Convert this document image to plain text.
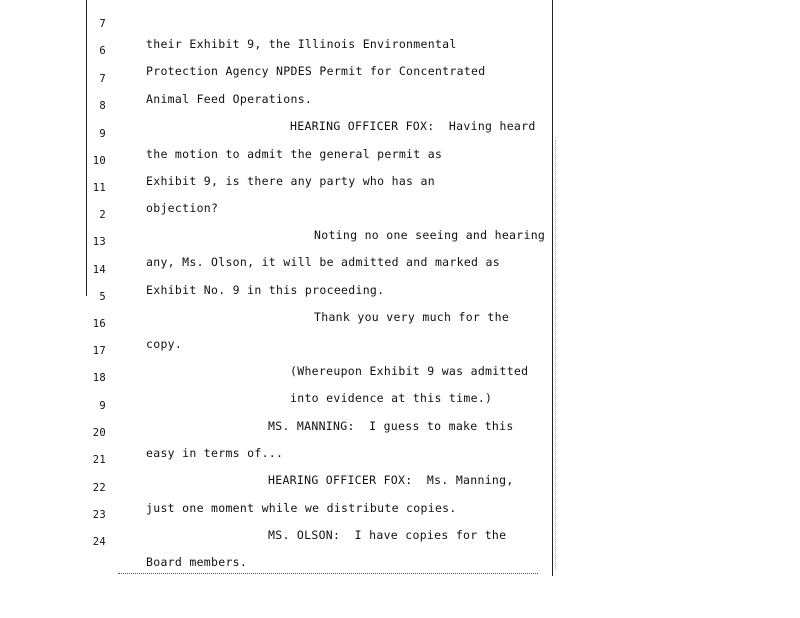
7

their Exhibit 9, the Illinois Environmental

6

Protection Agency NPDES Permit for Concentrated

7

Animal Feed Operations.

8

HEARING OFFICER FOX:  Having heard

9

the motion to admit the general permit as

10

Exhibit 9, is there any party who has an

11

objection?

2

Noting no one seeing and hearing

13

any, Ms. Olson, it will be admitted and marked as

14

Exhibit No. 9 in this proceeding.

5

Thank you very much for the

16

copy.

17

(Whereupon Exhibit 9 was admitted

18

into evidence at this time.)

9

MS. MANNING:  I guess to make this

20

easy in terms of...

21

HEARING OFFICER FOX:  Ms. Manning,

22

just one moment while we distribute copies.

23

MS. OLSON:  I have copies for the

24

Board members.
